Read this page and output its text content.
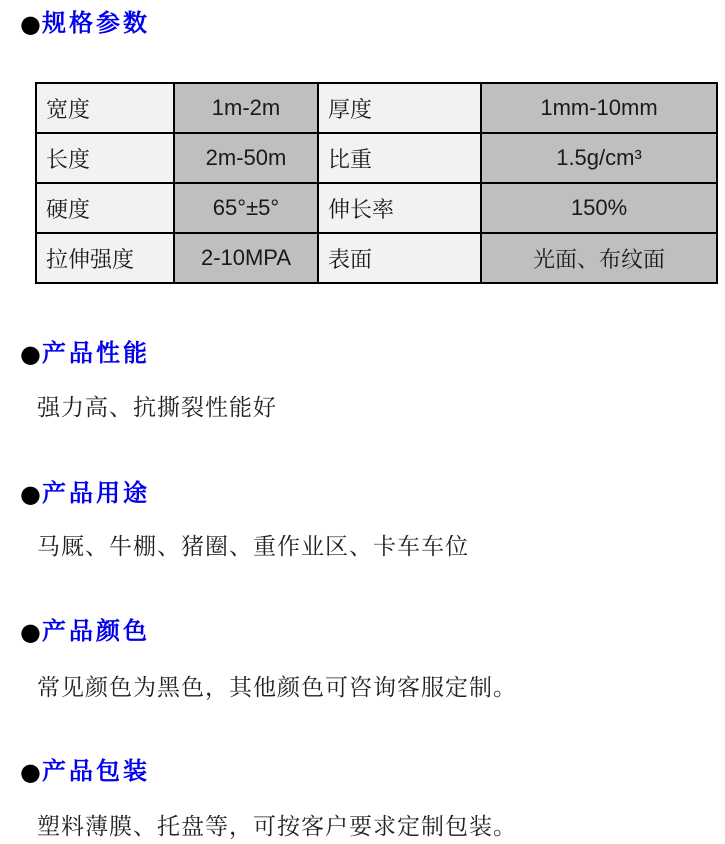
● 规格参数
宽度	1m-2m	厚度	1mm-10mm
长度	2m-50m	比重	1.5g/cm³
硬度	65°±5°	伸长率	150%
拉伸强度	2-10MPA	表面	光面、布纹面
● 产品性能
强力高、抗撕裂性能好
● 产品用途
马厩、牛棚、猪圈、重作业区、卡车车位
● 产品颜色
常见颜色为黑色，其他颜色可咨询客服定制。
● 产品包装
塑料薄膜、托盘等，可按客户要求定制包装。
